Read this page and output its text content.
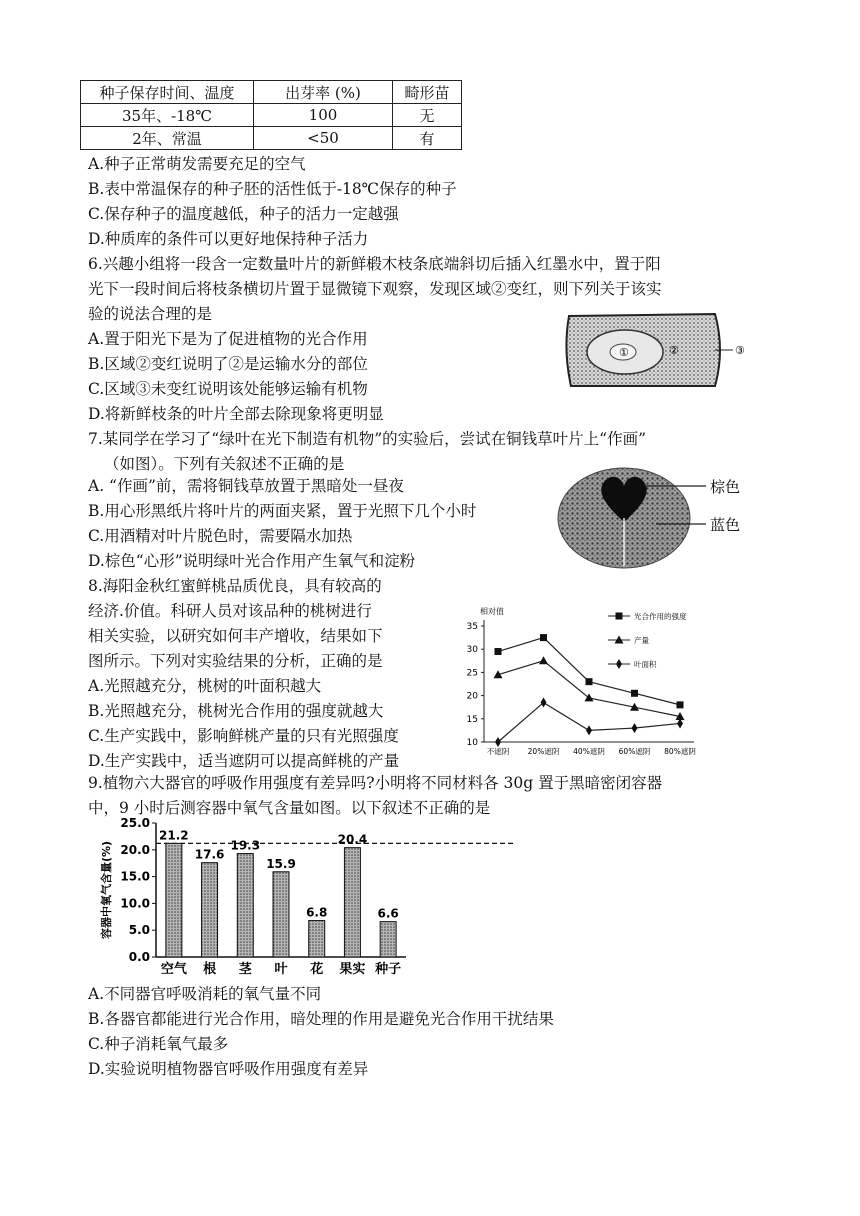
种子保存时间、温度	出芽率 (%)	畸形苗
35年、-18℃	100	无
2年、常温	<50	有
A.种子正常萌发需要充足的空气
B.表中常温保存的种子胚的活性低于-18℃保存的种子
C.保存种子的温度越低，种子的活力一定越强
D.种质库的条件可以更好地保持种子活力
6.兴趣小组将一段含一定数量叶片的新鲜椴木枝条底端斜切后插入红墨水中，置于阳
光下一段时间后将枝条横切片置于显微镜下观察，发现区域②变红，则下列关于该实
验的说法合理的是
A.置于阳光下是为了促进植物的光合作用
B.区域②变红说明了②是运输水分的部位
C.区域③未变红说明该处能够运输有机物
D.将新鲜枝条的叶片全部去除现象将更明显
①	②	③
7.某同学在学习了“绿叶在光下制造有机物”的实验后，尝试在铜钱草叶片上“作画”
（如图）。下列有关叙述不正确的是
A. “作画”前，需将铜钱草放置于黑暗处一昼夜
B.用心形黑纸片将叶片的两面夹紧，置于光照下几个小时
C.用酒精对叶片脱色时，需要隔水加热
D.棕色“心形”说明绿叶光合作用产生氧气和淀粉
棕色
蓝色
8.海阳金秋红蜜鲜桃品质优良，具有较高的
经济.价值。科研人员对该品种的桃树进行
相关实验，以研究如何丰产增收，结果如下
图所示。下列对实验结果的分析，正确的是
A.光照越充分，桃树的叶面积越大
B.光照越充分，桃树光合作用的强度就越大
C.生产实践中，影响鲜桃产量的只有光照强度
D.生产实践中，适当遮阴可以提高鲜桃的产量
相对值
10
15
20
25
30
35
不遮阴 20%遮阴 40%遮阴 60%遮阴 80%遮阴
光合作用的强度
产量
叶面积
9.植物六大器官的呼吸作用强度有差异吗?小明将不同材料各 30g 置于黑暗密闭容器
中，9 小时后测容器中氧气含量如图。以下叙述不正确的是
0.0
5.0
10.0
15.0
20.0
25.0
容器中氧气含量(%)
21.2
空气
17.6
根
19.3
茎
15.9
叶
6.8
花
20.4
果实
6.6
种子
A.不同器官呼吸消耗的氧气量不同
B.各器官都能进行光合作用，暗处理的作用是避免光合作用干扰结果
C.种子消耗氧气最多
D.实验说明植物器官呼吸作用强度有差异
